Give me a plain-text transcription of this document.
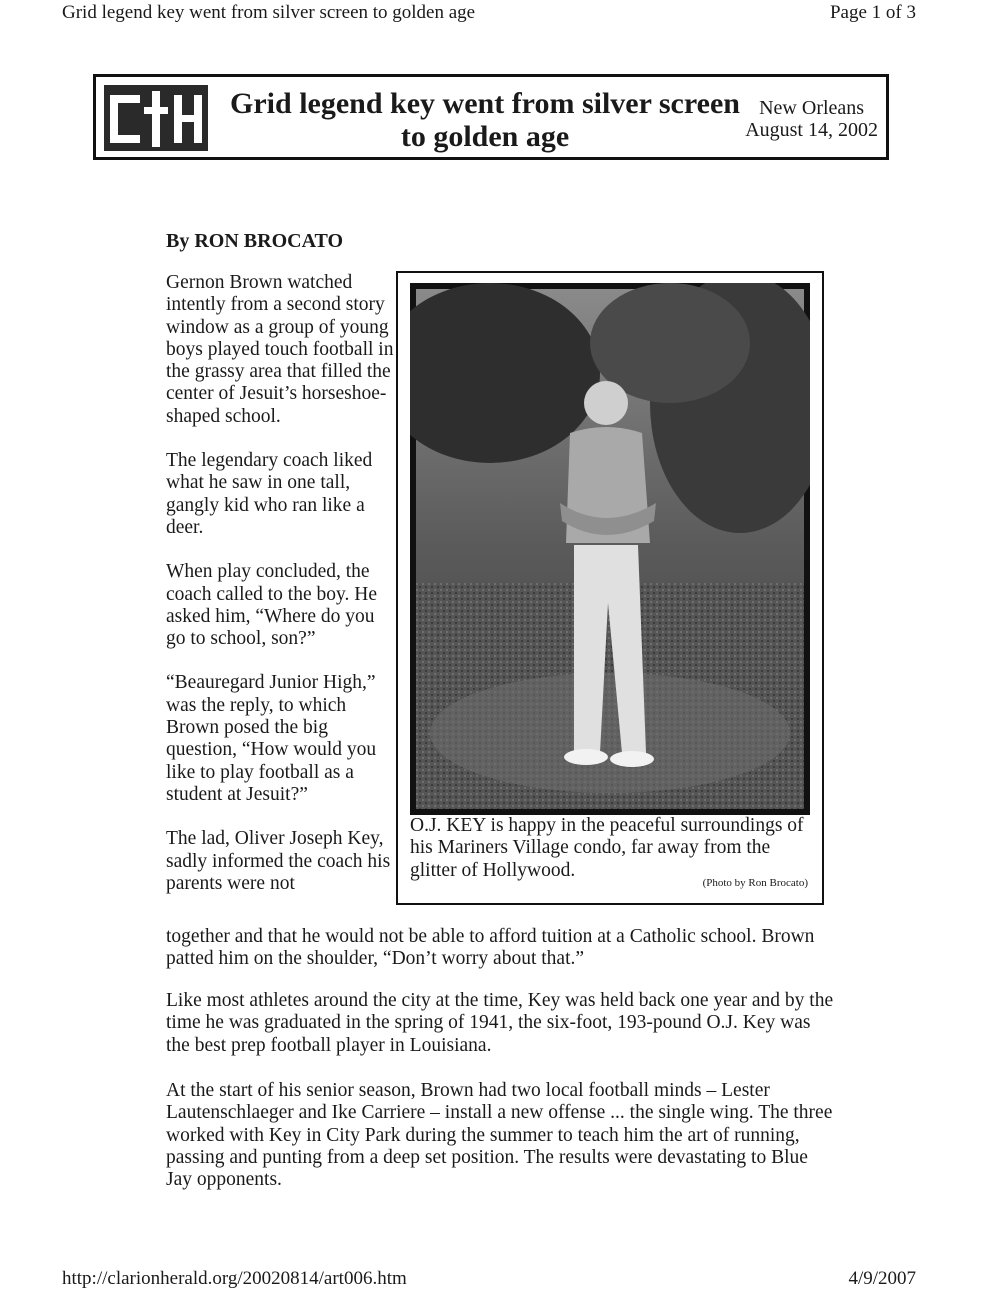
Grid legend key went from silver screen to golden age	Page 1 of 3
Grid legend key went from silver screen to golden age
New Orleans
August 14, 2002
By RON BROCATO

Gernon Brown watched intently from a second story window as a group of young boys played touch football in the grassy area that filled the center of Jesuit’s horseshoe-shaped school.

The legendary coach liked what he saw in one tall, gangly kid who ran like a deer.

When play concluded, the coach called to the boy. He asked him, “Where do you go to school, son?”

“Beauregard Junior High,” was the reply, to which Brown posed the big question, “How would you like to play football as a student at Jesuit?”

The lad, Oliver Joseph Key, sadly informed the coach his parents were not

O.J. KEY is happy in the peaceful surroundings of his Mariners Village condo, far away from the glitter of Hollywood.
(Photo by Ron Brocato)
together and that he would not be able to afford tuition at a Catholic school. Brown patted him on the shoulder, “Don’t worry about that.”

Like most athletes around the city at the time, Key was held back one year and by the time he was graduated in the spring of 1941, the six-foot, 193-pound O.J. Key was the best prep football player in Louisiana.

At the start of his senior season, Brown had two local football minds – Lester Lautenschlaeger and Ike Carriere – install a new offense ... the single wing. The three worked with Key in City Park during the summer to teach him the art of running, passing and punting from a deep set position. The results were devastating to Blue Jay opponents.

http://clarionherald.org/20020814/art006.htm	4/9/2007
